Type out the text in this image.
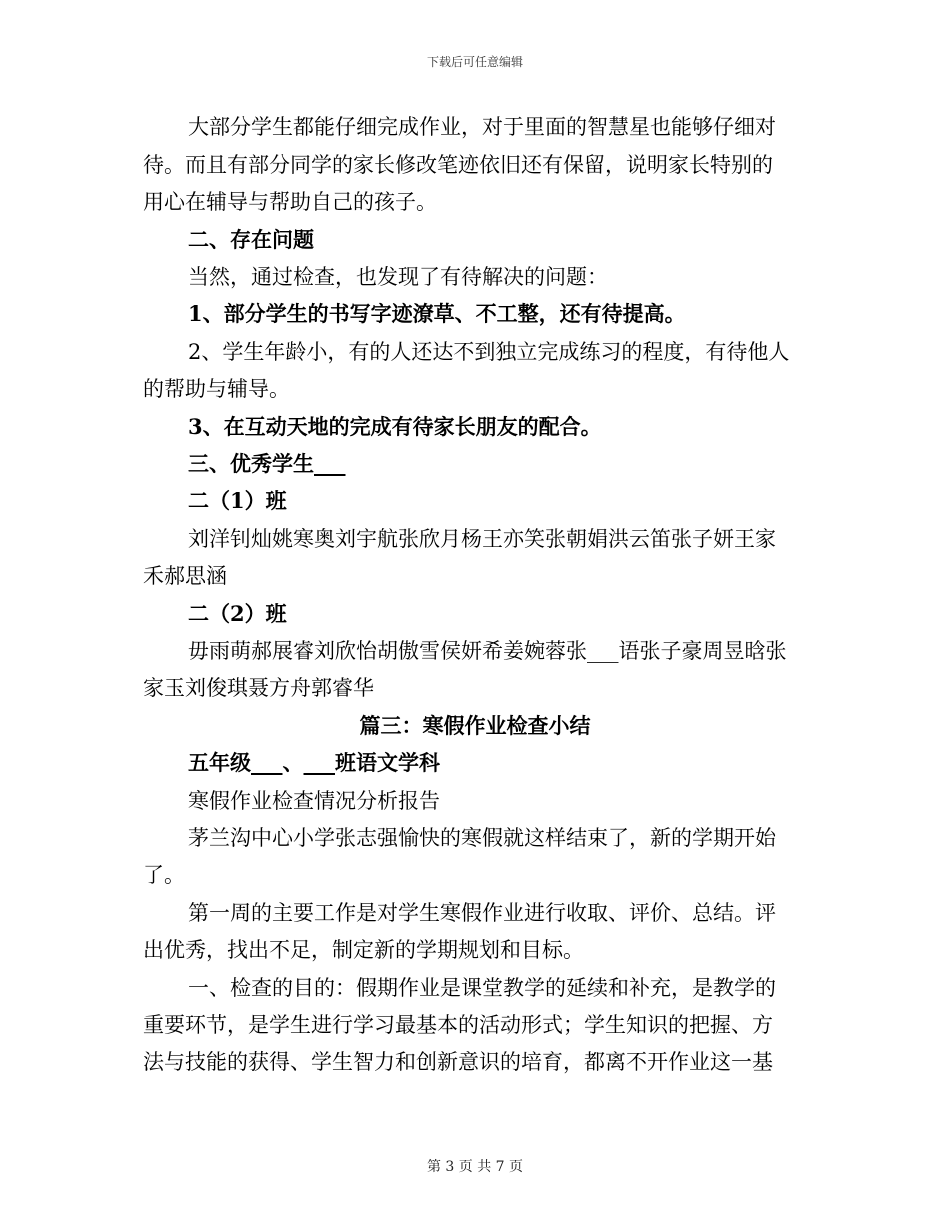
下载后可任意编辑
大部分学生都能仔细完成作业，对于里面的智慧星也能够仔细对
待。而且有部分同学的家长修改笔迹依旧还有保留，说明家长特别的
用心在辅导与帮助自己的孩子。
二、存在问题
当然，通过检查，也发现了有待解决的问题：
1、部分学生的书写字迹潦草、不工整，还有待提高。
2、学生年龄小，有的人还达不到独立完成练习的程度，有待他人
的帮助与辅导。
3、在互动天地的完成有待家长朋友的配合。
三、优秀学生___
二（1）班
刘洋钊灿姚寒奥刘宇航张欣月杨王亦笑张朝娟洪云笛张子妍王家
禾郝思涵
二（2）班
毋雨萌郝展睿刘欣怡胡傲雪侯妍希姜婉蓉张___语张子豪周昱晗张
家玉刘俊琪聂方舟郭睿华
篇三：寒假作业检查小结
五年级___、___班语文学科
寒假作业检查情况分析报告
茅兰沟中心小学张志强愉快的寒假就这样结束了，新的学期开始
了。
第一周的主要工作是对学生寒假作业进行收取、评价、总结。评
出优秀，找出不足，制定新的学期规划和目标。
一、检查的目的：假期作业是课堂教学的延续和补充，是教学的
重要环节，是学生进行学习最基本的活动形式；学生知识的把握、方
法与技能的获得、学生智力和创新意识的培育，都离不开作业这一基
第 3 页 共 7 页
